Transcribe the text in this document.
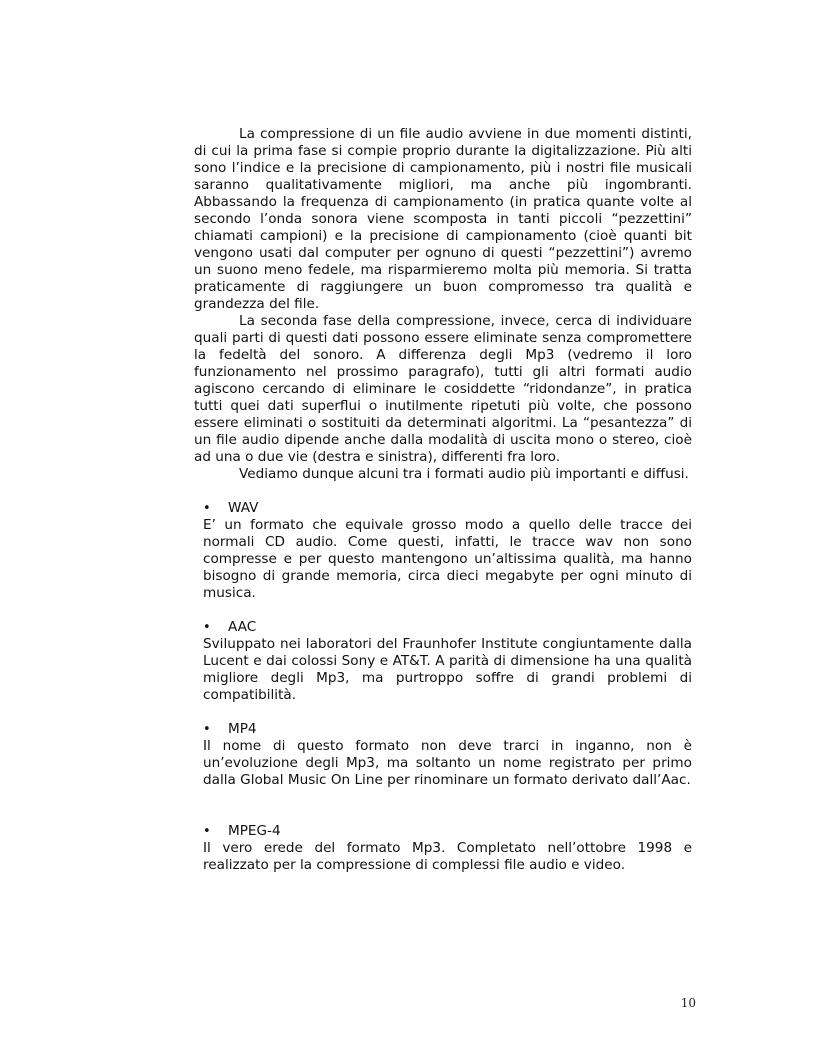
La compressione di un file audio avviene in due momenti distinti, di cui la prima fase si compie proprio durante la digitalizzazione. Più alti sono l’indice e la precisione di campionamento, più i nostri file musicali saranno qualitativamente migliori, ma anche più ingombranti. Abbassando la frequenza di campionamento (in pratica quante volte al secondo l’onda sonora viene scomposta in tanti piccoli “pezzettini” chiamati campioni) e la precisione di campionamento (cioè quanti bit vengono usati dal computer per ognuno di questi “pezzettini”) avremo un suono meno fedele, ma risparmieremo molta più memoria. Si tratta praticamente di raggiungere un buon compromesso tra qualità e grandezza del file.

La seconda fase della compressione, invece, cerca di individuare quali parti di questi dati possono essere eliminate senza compromettere la fedeltà del sonoro. A differenza degli Mp3 (vedremo il loro funzionamento nel prossimo paragrafo), tutti gli altri formati audio agiscono cercando di eliminare le cosiddette “ridondanze”, in pratica tutti quei dati superflui o inutilmente ripetuti più volte, che possono essere eliminati o sostituiti da determinati algoritmi. La “pesantezza” di un file audio dipende anche dalla modalità di uscita mono o stereo, cioè ad una o due vie (destra e sinistra), differenti fra loro.

Vediamo dunque alcuni tra i formati audio più importanti e diffusi.

•	WAV

E’ un formato che equivale grosso modo a quello delle tracce dei normali CD audio. Come questi, infatti, le tracce wav non sono compresse e per questo mantengono un’altissima qualità, ma hanno bisogno di grande memoria, circa dieci megabyte per ogni minuto di musica.

•	AAC

Sviluppato nei laboratori del Fraunhofer Institute congiuntamente dalla Lucent e dai colossi Sony e AT&T. A parità di dimensione ha una qualità migliore degli Mp3, ma purtroppo soffre di grandi problemi di compatibilità.

•	MP4

Il nome di questo formato non deve trarci in inganno, non è un’evoluzione degli Mp3, ma soltanto un nome registrato per primo dalla Global Music On Line per rinominare un formato derivato dall’Aac.

•	MPEG-4

Il vero erede del formato Mp3. Completato nell’ottobre 1998 e realizzato per la compressione di complessi file audio e video.

10
